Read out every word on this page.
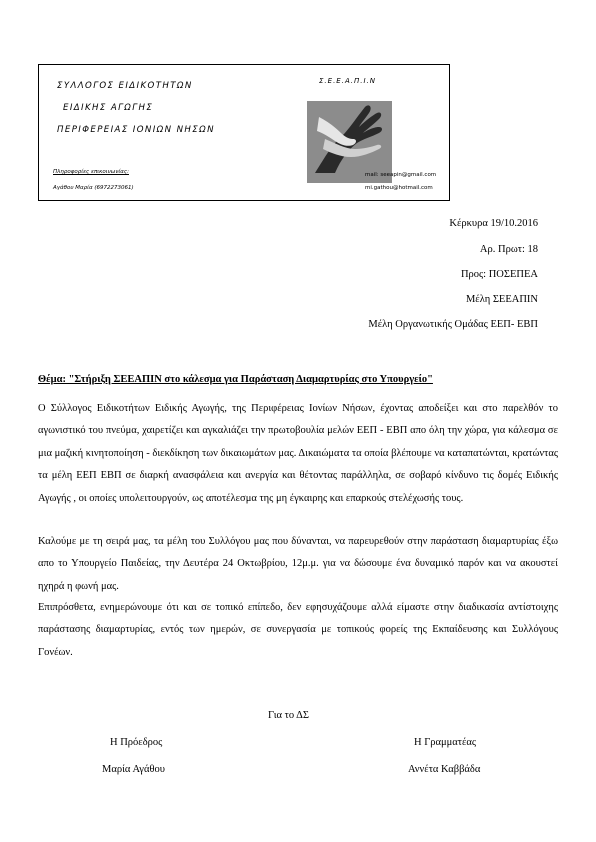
ΣΥΛΛΟΓΟΣ ΕΙΔΙΚΟΤΗΤΩΝ
ΕΙΔΙΚΗΣ ΑΓΩΓΗΣ
ΠΕΡΙΦΕΡΕΙΑΣ ΙΟΝΙΩΝ ΝΗΣΩΝ
Πληροφορίες επικοινωνίας:
Αγάθου Μαρία (6972273061)
Σ.Ε.Ε.Α.Π.Ι.Ν
mail: seeapin@gmail.com
mi.gathou@hotmail.com
Κέρκυρα 19/10.2016
Αρ. Πρωτ: 18
Προς: ΠΟΣΕΠΕΑ
Μέλη ΣΕΕΑΠΙΝ
Μέλη Οργανωτικής Ομάδας ΕΕΠ- ΕΒΠ
Θέμα: "Στήριξη ΣΕΕΑΠΙΝ στο κάλεσμα για Παράσταση Διαμαρτυρίας στο Υπουργείο"
Ο Σύλλογος Ειδικοτήτων Ειδικής Αγωγής, της Περιφέρειας Ιονίων Νήσων, έχοντας αποδείξει και στο παρελθόν το αγωνιστικό του πνεύμα, χαιρετίζει και αγκαλιάζει την πρωτοβουλία μελών ΕΕΠ - ΕΒΠ απο όλη την χώρα, για κάλεσμα σε μια μαζική κινητοποίηση - διεκδίκηση των δικαιωμάτων μας. Δικαιώματα τα οποία βλέπουμε να καταπατώνται, κρατώντας τα μέλη ΕΕΠ ΕΒΠ σε διαρκή ανασφάλεια και ανεργία και θέτοντας παράλληλα, σε σοβαρό κίνδυνο τις δομές Ειδικής Αγωγής , οι οποίες υπολειτουργούν, ως αποτέλεσμα της μη έγκαιρης και επαρκούς στελέχωσής τους.
Καλούμε με τη σειρά μας, τα μέλη του Συλλόγου μας που δύνανται, να παρευρεθούν στην παράσταση διαμαρτυρίας έξω απο το Υπουργείο Παιδείας, την Δευτέρα 24 Οκτωβρίου, 12μ.μ. για να δώσουμε ένα δυναμικό παρόν και να ακουστεί ηχηρά η φωνή μας.
Επιπρόσθετα, ενημερώνουμε ότι και σε τοπικό επίπεδο, δεν εφησυχάζουμε αλλά είμαστε στην διαδικασία αντίστοιχης παράστασης διαμαρτυρίας, εντός των ημερών, σε συνεργασία με τοπικούς φορείς της Εκπαίδευσης και Συλλόγους Γονέων.
Για το ΔΣ
Η Πρόεδρος	Η Γραμματέας
Μαρία Αγάθου	Αννέτα Καββάδα
